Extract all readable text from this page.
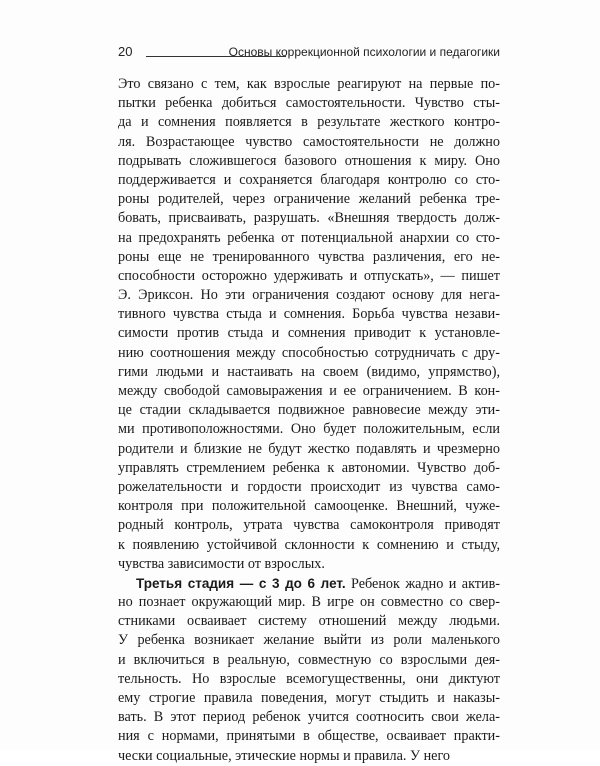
20	Основы коррекционной психологии и педагогики
Это связано с тем, как взрослые реагируют на первые по-
пытки ребенка добиться самостоятельности. Чувство сты-
да и сомнения появляется в результате жесткого контро-
ля. Возрастающее чувство самостоятельности не должно
подрывать сложившегося базового отношения к миру. Оно
поддерживается и сохраняется благодаря контролю со сто-
роны родителей, через ограничение желаний ребенка тре-
бовать, присваивать, разрушать. «Внешняя твердость долж-
на предохранять ребенка от потенциальной анархии со сто-
роны еще не тренированного чувства различения, его не-
способности осторожно удерживать и отпускать», — пишет
Э. Эриксон. Но эти ограничения создают основу для нега-
тивного чувства стыда и сомнения. Борьба чувства незави-
симости против стыда и сомнения приводит к установле-
нию соотношения между способностью сотрудничать с дру-
гими людьми и настаивать на своем (видимо, упрямство),
между свободой самовыражения и ее ограничением. В кон-
це стадии складывается подвижное равновесие между эти-
ми противоположностями. Оно будет положительным, если
родители и близкие не будут жестко подавлять и чрезмерно
управлять стремлением ребенка к автономии. Чувство доб-
рожелательности и гордости происходит из чувства само-
контроля при положительной самооценке. Внешний, чуже-
родный контроль, утрата чувства самоконтроля приводят
к появлению устойчивой склонности к сомнению и стыду,
чувства зависимости от взрослых.
Третья стадия — с 3 до 6 лет. Ребенок жадно и актив-
но познает окружающий мир. В игре он совместно со свер-
стниками осваивает систему отношений между людьми.
У ребенка возникает желание выйти из роли маленького
и включиться в реальную, совместную со взрослыми дея-
тельность. Но взрослые всемогущественны, они диктуют
ему строгие правила поведения, могут стыдить и наказы-
вать. В этот период ребенок учится соотносить свои жела-
ния с нормами, принятыми в обществе, осваивает практи-
чески социальные, этические нормы и правила. У него
